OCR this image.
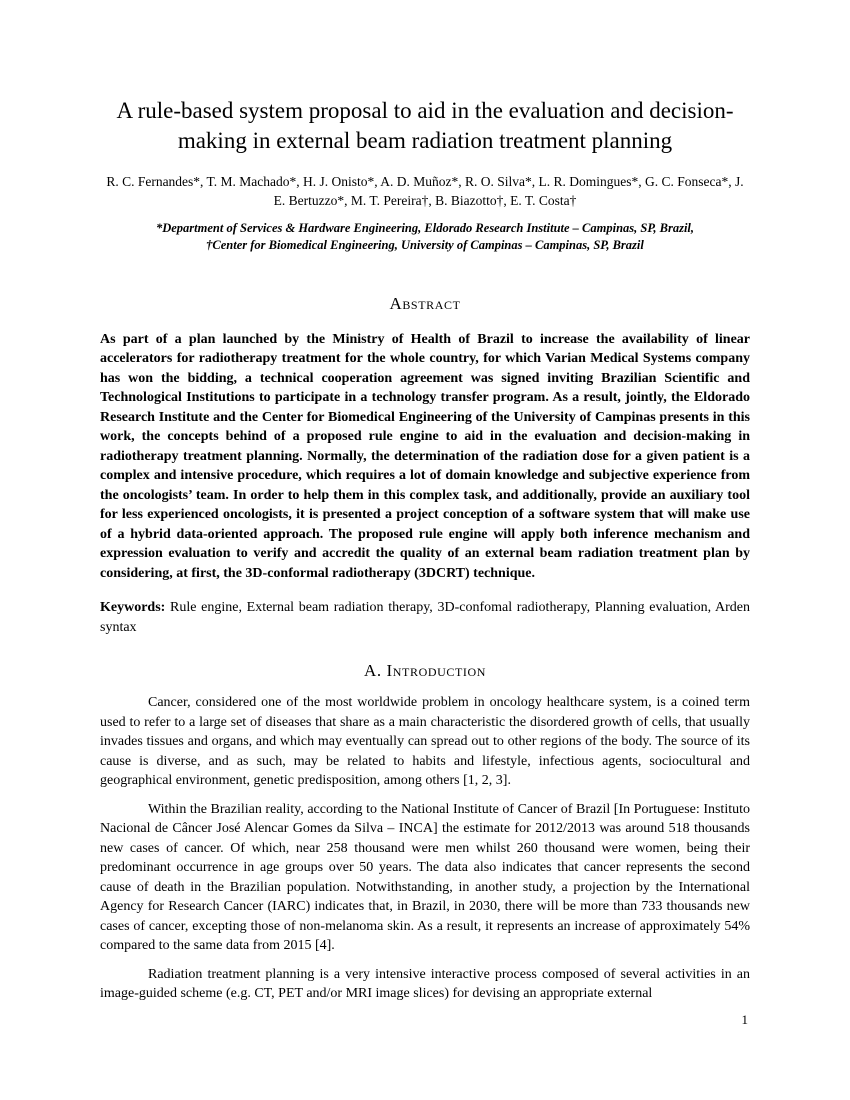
A rule-based system proposal to aid in the evaluation and decision-making in external beam radiation treatment planning

R. C. Fernandes*, T. M. Machado*, H. J. Onisto*, A. D. Muñoz*, R. O. Silva*, L. R. Domingues*, G. C. Fonseca*, J. E. Bertuzzo*, M. T. Pereira†, B. Biazotto†, E. T. Costa†

*Department of Services & Hardware Engineering, Eldorado Research Institute – Campinas, SP, Brazil,

†Center for Biomedical Engineering, University of Campinas – Campinas, SP, Brazil

Abstract

As part of a plan launched by the Ministry of Health of Brazil to increase the availability of linear accelerators for radiotherapy treatment for the whole country, for which Varian Medical Systems company has won the bidding, a technical cooperation agreement was signed inviting Brazilian Scientific and Technological Institutions to participate in a technology transfer program. As a result, jointly, the Eldorado Research Institute and the Center for Biomedical Engineering of the University of Campinas presents in this work, the concepts behind of a proposed rule engine to aid in the evaluation and decision-making in radiotherapy treatment planning. Normally, the determination of the radiation dose for a given patient is a complex and intensive procedure, which requires a lot of domain knowledge and subjective experience from the oncologists’ team. In order to help them in this complex task, and additionally, provide an auxiliary tool for less experienced oncologists, it is presented a project conception of a software system that will make use of a hybrid data-oriented approach. The proposed rule engine will apply both inference mechanism and expression evaluation to verify and accredit the quality of an external beam radiation treatment plan by considering, at first, the 3D-conformal radiotherapy (3DCRT) technique.

Keywords: Rule engine, External beam radiation therapy, 3D-confomal radiotherapy, Planning evaluation, Arden syntax

A. Introduction

Cancer, considered one of the most worldwide problem in oncology healthcare system, is a coined term used to refer to a large set of diseases that share as a main characteristic the disordered growth of cells, that usually invades tissues and organs, and which may eventually can spread out to other regions of the body. The source of its cause is diverse, and as such, may be related to habits and lifestyle, infectious agents, sociocultural and geographical environment, genetic predisposition, among others [1, 2, 3].

Within the Brazilian reality, according to the National Institute of Cancer of Brazil [In Portuguese: Instituto Nacional de Câncer José Alencar Gomes da Silva – INCA] the estimate for 2012/2013 was around 518 thousands new cases of cancer. Of which, near 258 thousand were men whilst 260 thousand were women, being their predominant occurrence in age groups over 50 years. The data also indicates that cancer represents the second cause of death in the Brazilian population. Notwithstanding, in another study, a projection by the International Agency for Research Cancer (IARC) indicates that, in Brazil, in 2030, there will be more than 733 thousands new cases of cancer, excepting those of non-melanoma skin. As a result, it represents an increase of approximately 54% compared to the same data from 2015 [4].

Radiation treatment planning is a very intensive interactive process composed of several activities in an image-guided scheme (e.g. CT, PET and/or MRI image slices) for devising an appropriate external

1
